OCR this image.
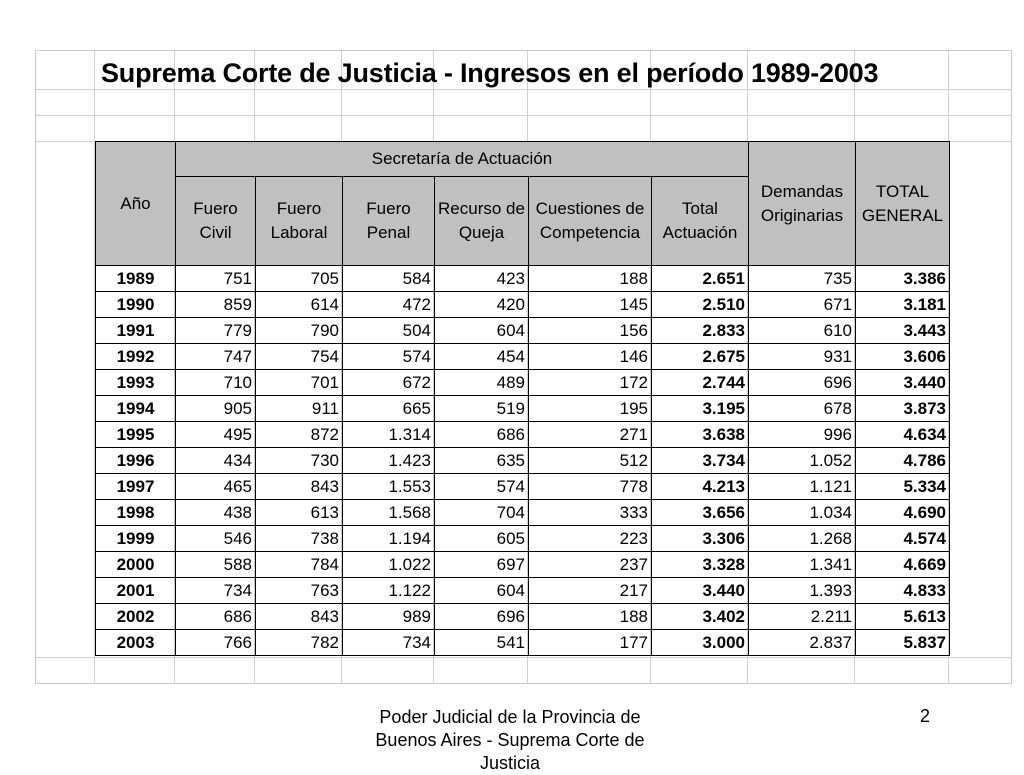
Suprema Corte de Justicia - Ingresos en el período 1989-2003
Año	Secretaría de Actuación						Demandas Originarias	TOTAL GENERAL
	Fuero Civil	Fuero Laboral	Fuero Penal	Recurso de Queja	Cuestiones de Competencia	Total Actuación		
1989	751	705	584	423	188	2.651	735	3.386
1990	859	614	472	420	145	2.510	671	3.181
1991	779	790	504	604	156	2.833	610	3.443
1992	747	754	574	454	146	2.675	931	3.606
1993	710	701	672	489	172	2.744	696	3.440
1994	905	911	665	519	195	3.195	678	3.873
1995	495	872	1.314	686	271	3.638	996	4.634
1996	434	730	1.423	635	512	3.734	1.052	4.786
1997	465	843	1.553	574	778	4.213	1.121	5.334
1998	438	613	1.568	704	333	3.656	1.034	4.690
1999	546	738	1.194	605	223	3.306	1.268	4.574
2000	588	784	1.022	697	237	3.328	1.341	4.669
2001	734	763	1.122	604	217	3.440	1.393	4.833
2002	686	843	989	696	188	3.402	2.211	5.613
2003	766	782	734	541	177	3.000	2.837	5.837
Poder Judicial de la Provincia de Buenos Aires - Suprema Corte de Justicia
2
